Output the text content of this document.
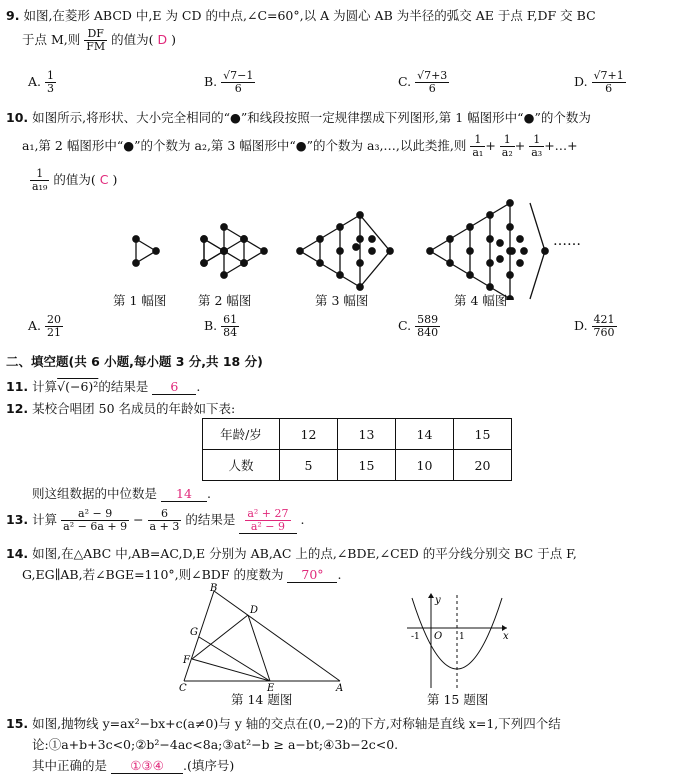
9. 如图,在菱形 ABCD 中,E 为 CD 的中点,∠C=60°,以 A 为圆心 AB 为半径的弧交 AE 于点 F,DF 交 BC
于点 M,则 $\frac{DF}{FM}$ 的值为( D )
A. $\frac{1}{3}$	B. $\frac{√7-1}{6}$	C. $\frac{√7+3}{6}$	D. $\frac{√7+1}{6}$
10. 如图所示,将形状、大小完全相同的“●”和线段按照一定规律摆成下列图形,第 1 幅图形中“●”的个数为
a₁,第 2 幅图形中“●”的个数为 a₂,第 3 幅图形中“●”的个数为 a₃,…,以此类推,则 $\frac{1}{\text{a₁}} + \frac{1}{\text{a₂}} + \frac{1}{\text{a₃}}$ +…+
$\frac{1}{\text{a₁₉}}$ 的值为( C )
第 1 幅图	第 2 幅图	第 3 幅图	第 4 幅图
……
A. $\frac{20}{21}$	B. $\frac{61}{84}$	C. $\frac{589}{840}$	D. $\frac{421}{760}$
二、填空题(共 6 小题,每小题 3 分,共 18 分)
11. 计算√(−6)²的结果是 6 .
12. 某校合唱团 50 名成员的年龄如下表:
年龄/岁	12	13	14	15
人数	5	15	10	20
则这组数据的中位数是 14 .
13. 计算 $\frac{\text{a² − 9}}{\text{a² − 6a + 9}} - \frac{6}{a + 3}$ 的结果是 $\frac{\text{a² + 27}}{\text{a² − 9}}$ .
14. 如图,在△ABC 中,AB=AC,D,E 分别为 AB,AC 上的点,∠BDE,∠CED 的平分线分别交 BC 于点 F,
G,EG∥AB,若∠BGE=110°,则∠BDF 的度数为 70° .
B
G
D
F
C	E	A
第 14 题图
y
x
O
-1	1
第 15 题图
15. 如图,抛物线 y=ax²−bx+c(a≠0)与 y 轴的交点在(0,−2)的下方,对称轴是直线 x=1,下列四个结
论:①a+b+3c<0;②b²−4ac<8a;③at²−b ≥ a−bt;④3b−2c<0.
其中正确的是 ①③④ .(填序号)
